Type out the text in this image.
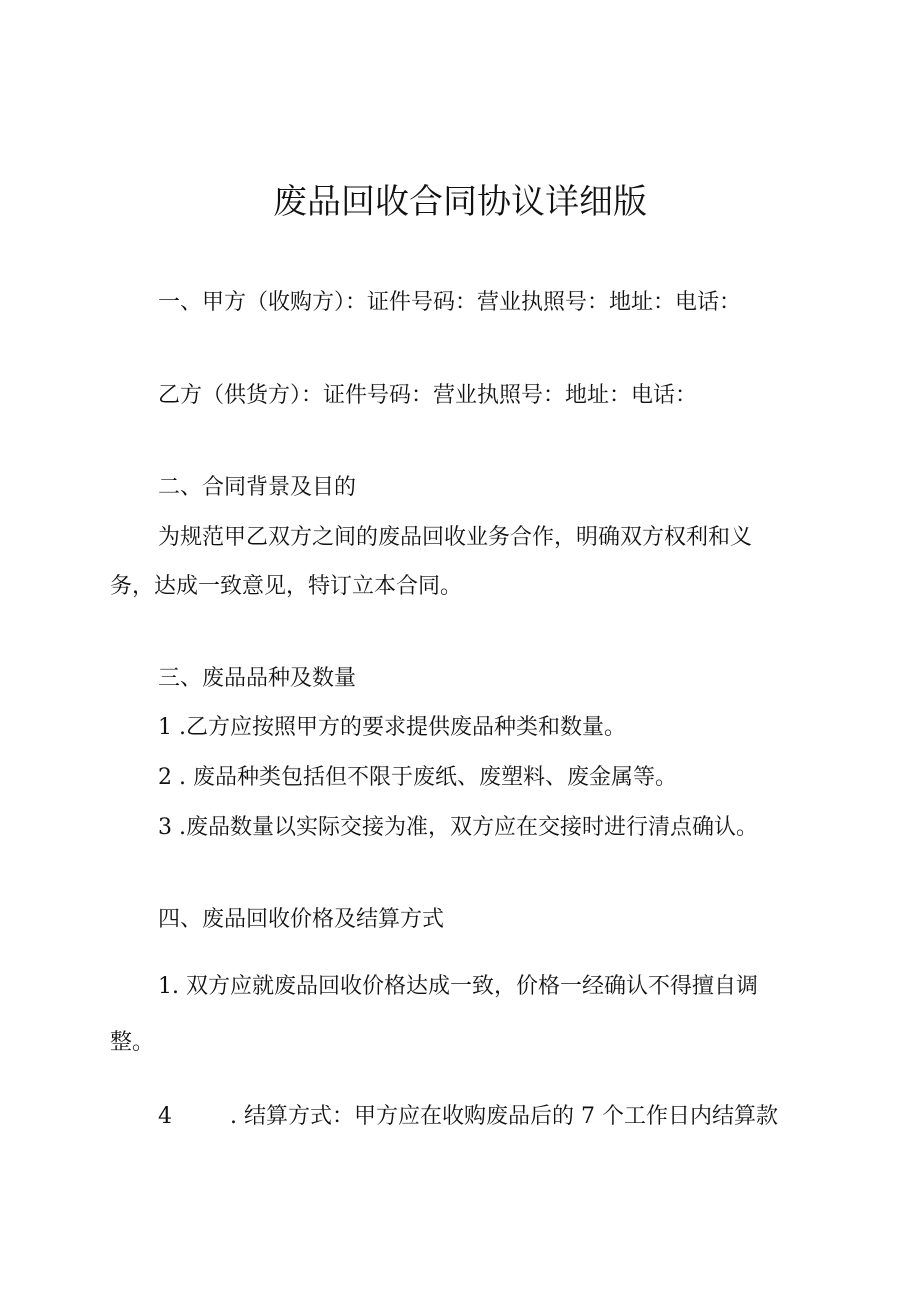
废品回收合同协议详细版

一、甲方（收购方）：证件号码：营业执照号：地址：电话：

乙方（供货方）：证件号码：营业执照号：地址：电话：

二、合同背景及目的

为规范甲乙双方之间的废品回收业务合作，明确双方权利和义

务，达成一致意见，特订立本合同。

三、废品品种及数量

1 .乙方应按照甲方的要求提供废品种类和数量。

2 . 废品种类包括但不限于废纸、废塑料、废金属等。

3 .废品数量以实际交接为准，双方应在交接时进行清点确认。

四、废品回收价格及结算方式

1. 双方应就废品回收价格达成一致，价格一经确认不得擅自调

整。

4	. 结算方式：甲方应在收购废品后的 7 个工作日内结算款
